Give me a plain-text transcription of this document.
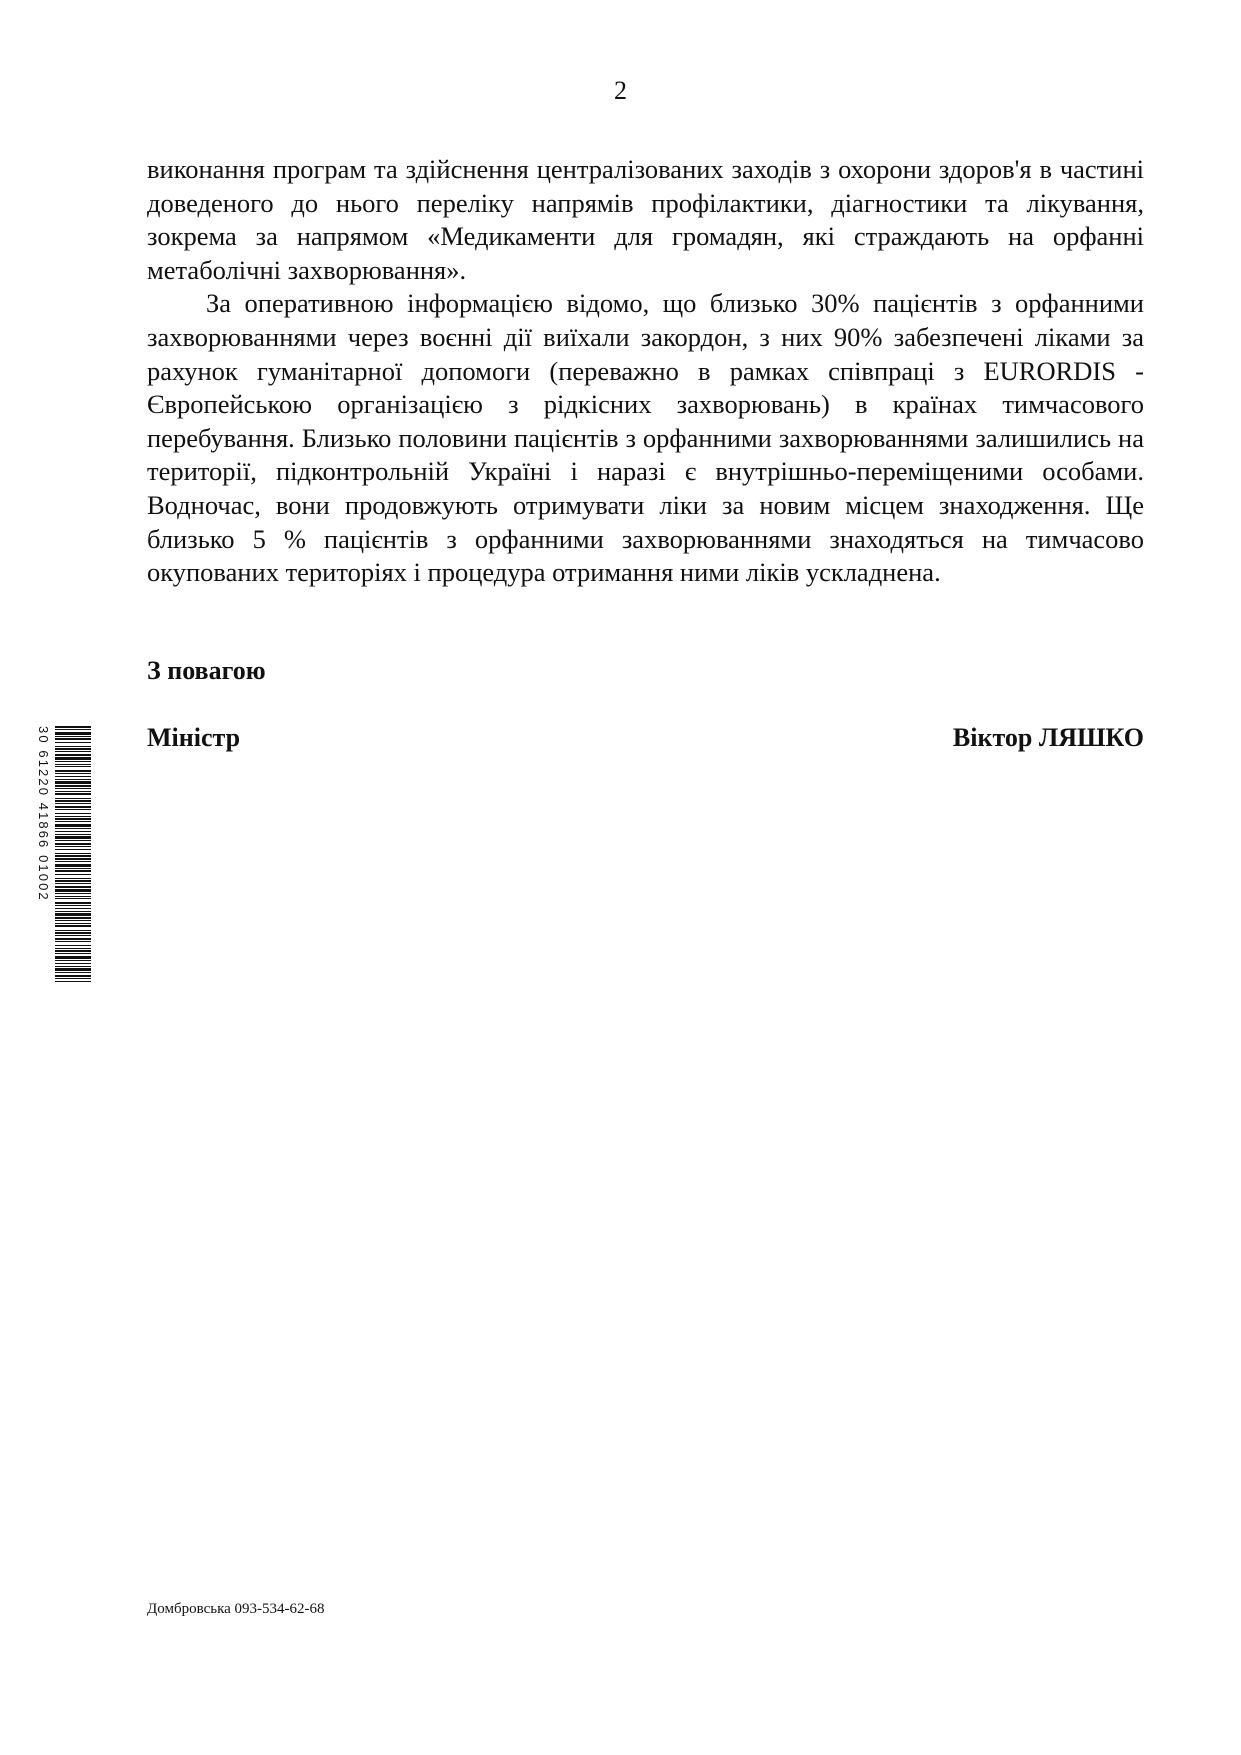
2

виконання програм та здійснення централізованих заходів з охорони здоров'я в частині доведеного до нього переліку напрямів профілактики, діагностики та лікування, зокрема за напрямом «Медикаменти для громадян, які страждають на орфанні метаболічні захворювання».

За оперативною інформацією відомо, що близько 30% пацієнтів з орфанними захворюваннями через воєнні дії виїхали закордон, з них 90% забезпечені ліками за рахунок гуманітарної допомоги (переважно в рамках співпраці з EURORDIS - Європейською організацією з рідкісних захворювань) в країнах тимчасового перебування. Близько половини пацієнтів з орфанними захворюваннями залишились на території, підконтрольній Україні і наразі є внутрішньо-переміщеними особами. Водночас, вони продовжують отримувати ліки за новим місцем знаходження. Ще близько 5 % пацієнтів з орфанними захворюваннями знаходяться на тимчасово окупованих територіях і процедура отримання ними ліків ускладнена.

З повагою
Міністр	Віктор ЛЯШКО
30 61220 41866 01002
Домбровська 093-534-62-68
